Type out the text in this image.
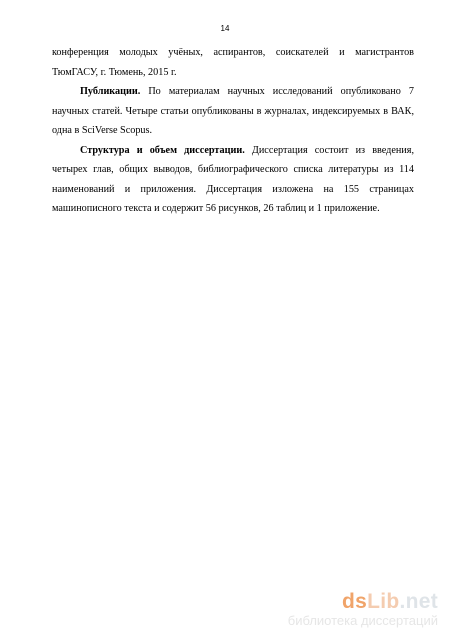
14

конференция молодых учёных, аспирантов, соискателей и магистрантов
ТюмГАСУ, г. Тюмень, 2015 г.

Публикации. По материалам научных исследований опубликовано 7
научных статей. Четыре статьи опубликованы в журналах, индексируемых в ВАК,
одна в SciVerse Scopus.

Структура и объем диссертации. Диссертация состоит из введения,
четырех глав, общих выводов, библиографического списка литературы из 114
наименований и приложения. Диссертация изложена на 155 страницах
машинописного текста и содержит 56 рисунков, 26 таблиц и 1 приложение.

dsLib.net
библиотека диссертаций
